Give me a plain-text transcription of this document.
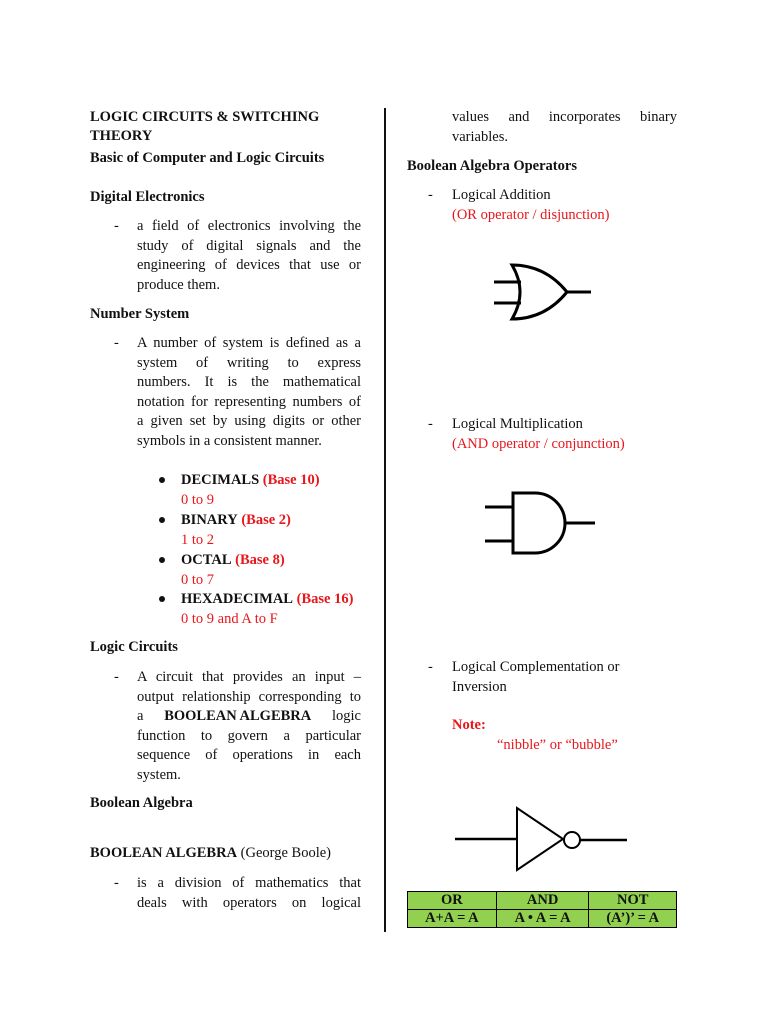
LOGIC CIRCUITS & SWITCHING
THEORY
Basic of Computer and Logic Circuits
Digital Electronics
- a field of electronics involving the
study of digital signals and the
engineering of devices that use or
produce them.
Number System
- A number of system is defined as a
system of writing to express
numbers. It is the mathematical
notation for representing numbers of
a given set by using digits or other
symbols in a consistent manner.
DECIMALS (Base 10)
0 to 9
BINARY (Base 2)
1 to 2
OCTAL (Base 8)
0 to 7
HEXADECIMAL (Base 16)
0 to 9 and A to F
Logic Circuits
- A circuit that provides an input –
output relationship corresponding to
a BOOLEAN ALGEBRA logic
function to govern a particular
sequence of operations in each
system.
Boolean Algebra
BOOLEAN ALGEBRA (George Boole)
- is a division of mathematics that
deals with operators on logical
values and incorporates binary
variables.
Boolean Algebra Operators
- Logical Addition
(OR operator / disjunction)
- Logical Multiplication
(AND operator / conjunction)
- Logical Complementation or
Inversion
Note:
“nibble” or “bubble”
OR	AND	NOT
A+A = A	A • A = A	(A’)’ = A
